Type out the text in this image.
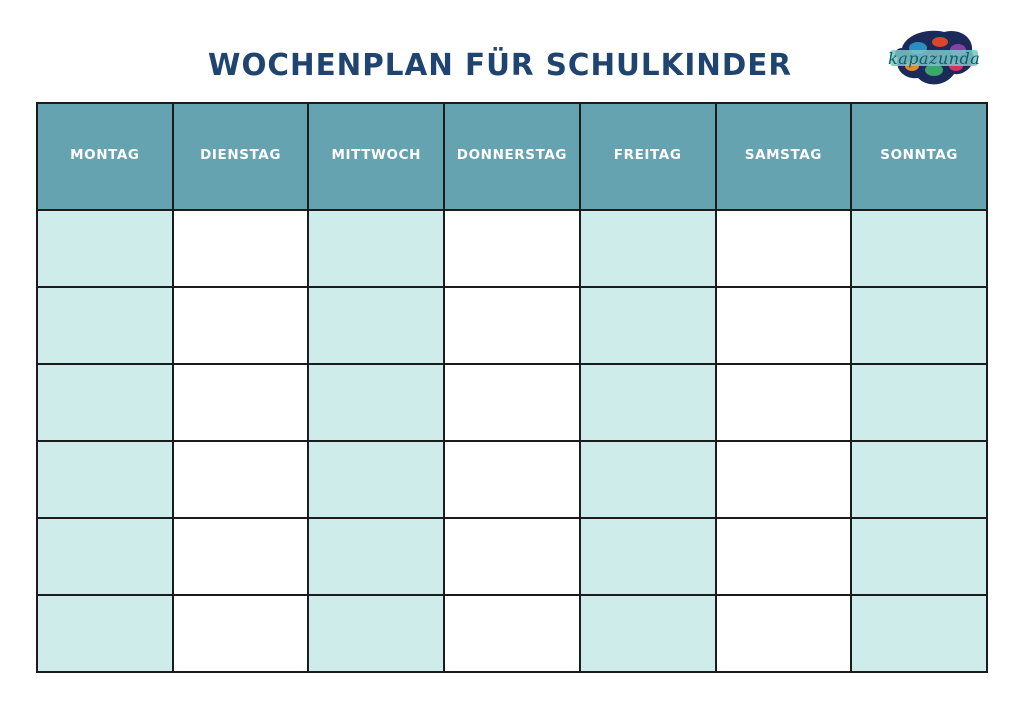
WOCHENPLAN FÜR SCHULKINDER	kapazunda
MONTAG	DIENSTAG	MITTWOCH	DONNERSTAG	FREITAG	SAMSTAG	SONNTAG
